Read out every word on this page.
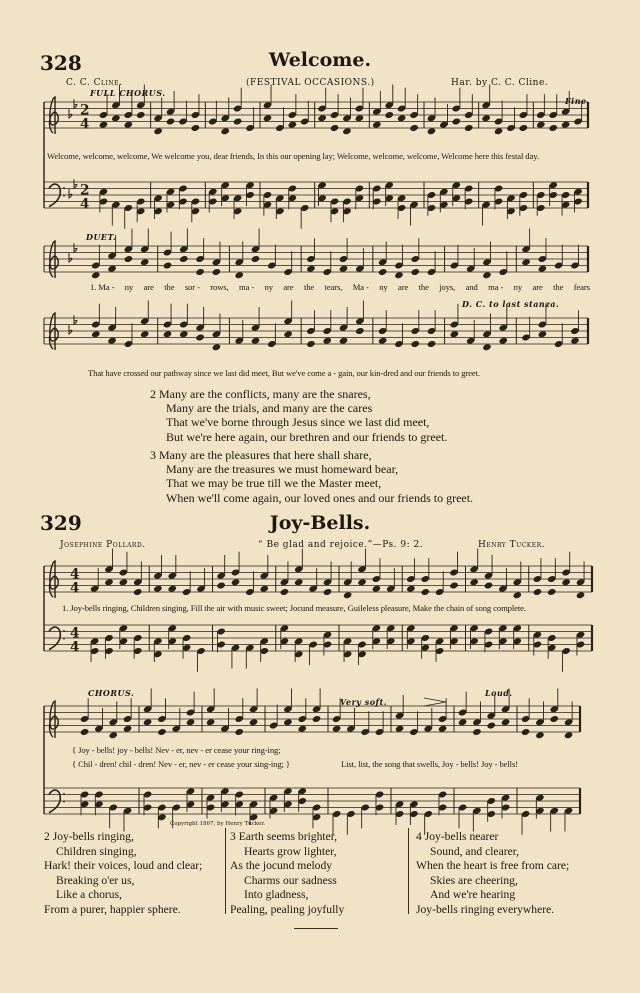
2
4
2
4
4
4
4
4
328	Welcome.
C. C. Cline.	(FESTIVAL OCCASIONS.)	Har. by C. C. Cline.
FULL CHORUS.
Fine.
Welcome, welcome, welcome, We welcome you, dear friends, In this our opening lay; Welcome, welcome, welcome, Welcome here this festal day.
DUET.
1. Ma - ny are the sor - rows, ma - ny are the tears, Ma - ny are the joys, and ma - ny are the fears
D. C. to last stanza.
That have crossed our pathway since we last did meet, But we've come a - gain, our kin-dred and our friends to greet.
2 Many are the conflicts, many are the snares,
Many are the trials, and many are the cares
That we've borne through Jesus since we last did meet,
But we're here again, our brethren and our friends to greet.
3 Many are the pleasures that here shall share,
Many are the treasures we must homeward bear,
That we may be true till we the Master meet,
When we'll come again, our loved ones and our friends to greet.
329	Joy-Bells.
Josephine Pollard.	“ Be glad and rejoice.”—Ps. 9: 2.	Henry Tucker.
1. Joy-bells ringing, Children singing, Fill the air with music sweet; Jocund measure, Guileless pleasure, Make the chain of song complete.
CHORUS.
Very soft.
Loud.
{ Joy - bells! joy - bells! Nev - er, nev - er cease your ring-ing;
{ Chil - dren! chil - dren! Nev - er, nev - er cease your sing-ing; }	List, list, the song that swells, Joy - bells! Joy - bells!
Copyright 1867, by Henry Tucker.
2 Joy-bells ringing,
Children singing,
Hark! their voices, loud and clear;
Breaking o'er us,
Like a chorus,
From a purer, happier sphere.
3 Earth seems brighter,
Hearts grow lighter,
As the jocund melody
Charms our sadness
Into gladness,
Pealing, pealing joyfully
4 Joy-bells nearer
Sound, and clearer,
When the heart is free from care;
Skies are cheering,
And we're hearing
Joy-bells ringing everywhere.
